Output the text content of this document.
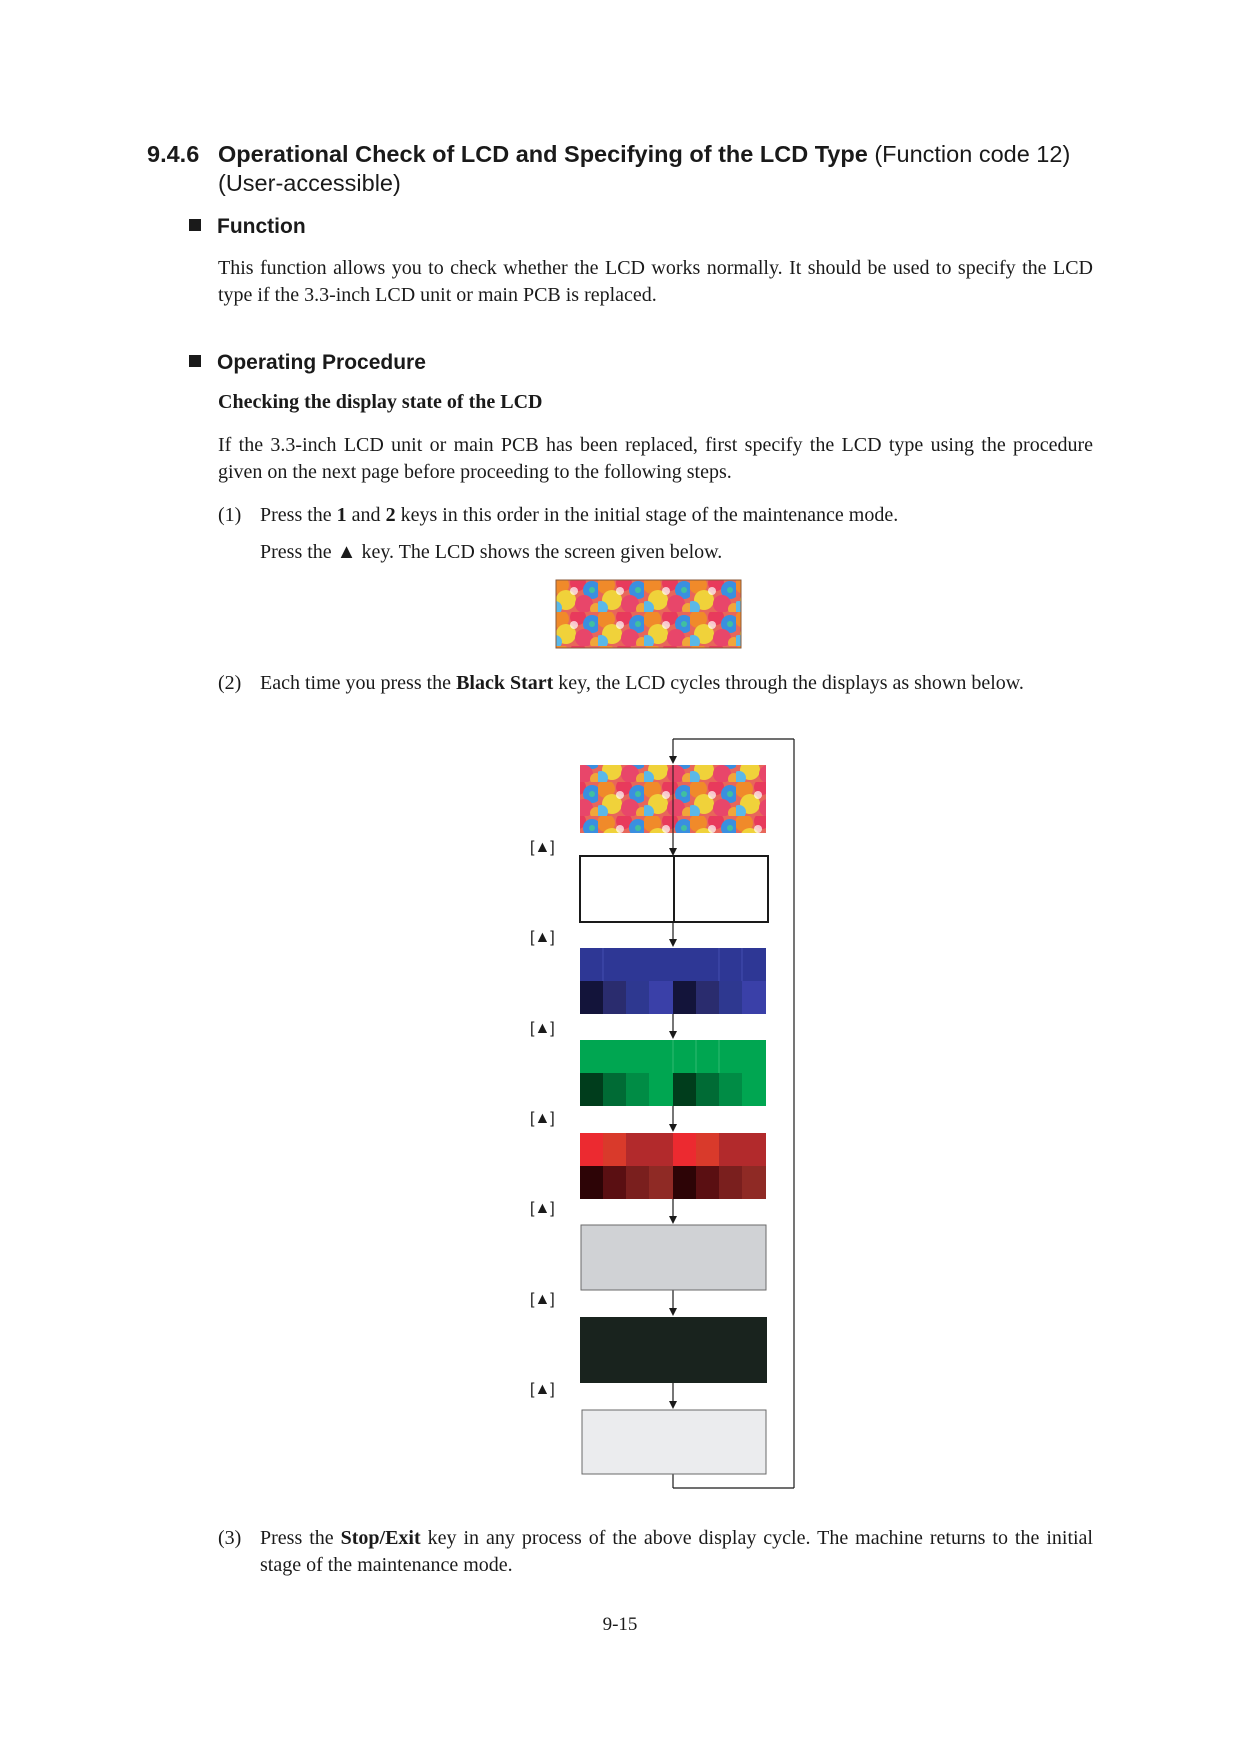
9.4.6 Operational Check of LCD and Specifying of the LCD Type (Function code 12) (User-accessible)
Function
This function allows you to check whether the LCD works normally. It should be used to specify the LCD type if the 3.3-inch LCD unit or main PCB is replaced.
Operating Procedure
Checking the display state of the LCD
If the 3.3-inch LCD unit or main PCB has been replaced, first specify the LCD type using the procedure given on the next page before proceeding to the following steps.
(1) Press the 1 and 2 keys in this order in the initial stage of the maintenance mode.
Press the ▲ key. The LCD shows the screen given below.
(2) Each time you press the Black Start key, the LCD cycles through the displays as shown below.
(3) Press the Stop/Exit key in any process of the above display cycle. The machine returns to the initial stage of the maintenance mode.
9-15
[▲]
[▲]
[▲]
[▲]
[▲]
[▲]
[▲]
